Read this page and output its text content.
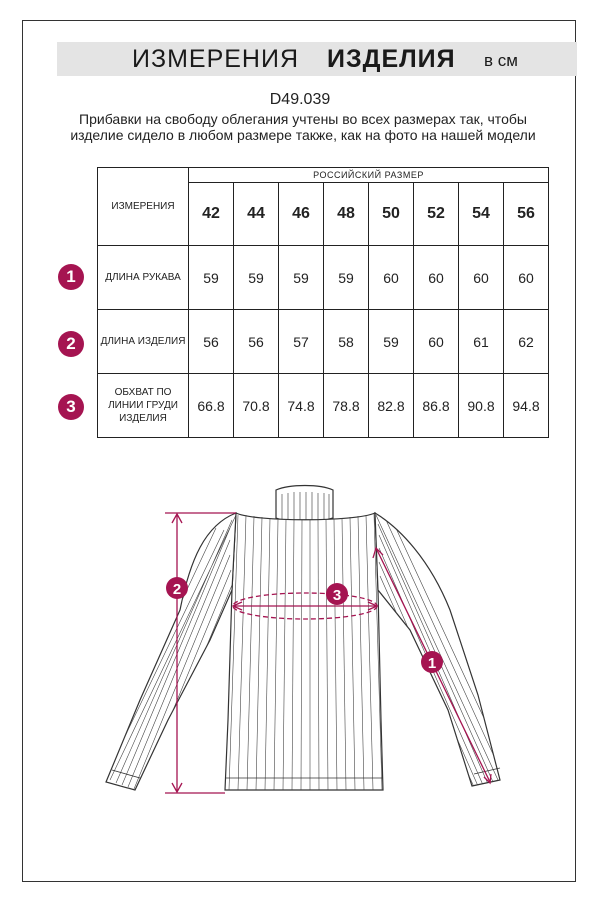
ИЗМЕРЕНИЯ ИЗДЕЛИЯ в см
D49.039
Прибавки на свободу облегания учтены во всех размерах так, чтобы изделие сидело в любом размере также, как на фото на нашей модели
ИЗМЕРЕНИЯ	РОССИЙСКИЙ РАЗМЕР							
	42	44	46	48	50	52	54	56
ДЛИНА РУКАВА	59	59	59	59	60	60	60	60
ДЛИНА ИЗДЕЛИЯ	56	56	57	58	59	60	61	62
ОБХВАТ ПО ЛИНИИ ГРУДИ ИЗДЕЛИЯ	66.8	70.8	74.8	78.8	82.8	86.8	90.8	94.8
1
2
3
2	3
1
